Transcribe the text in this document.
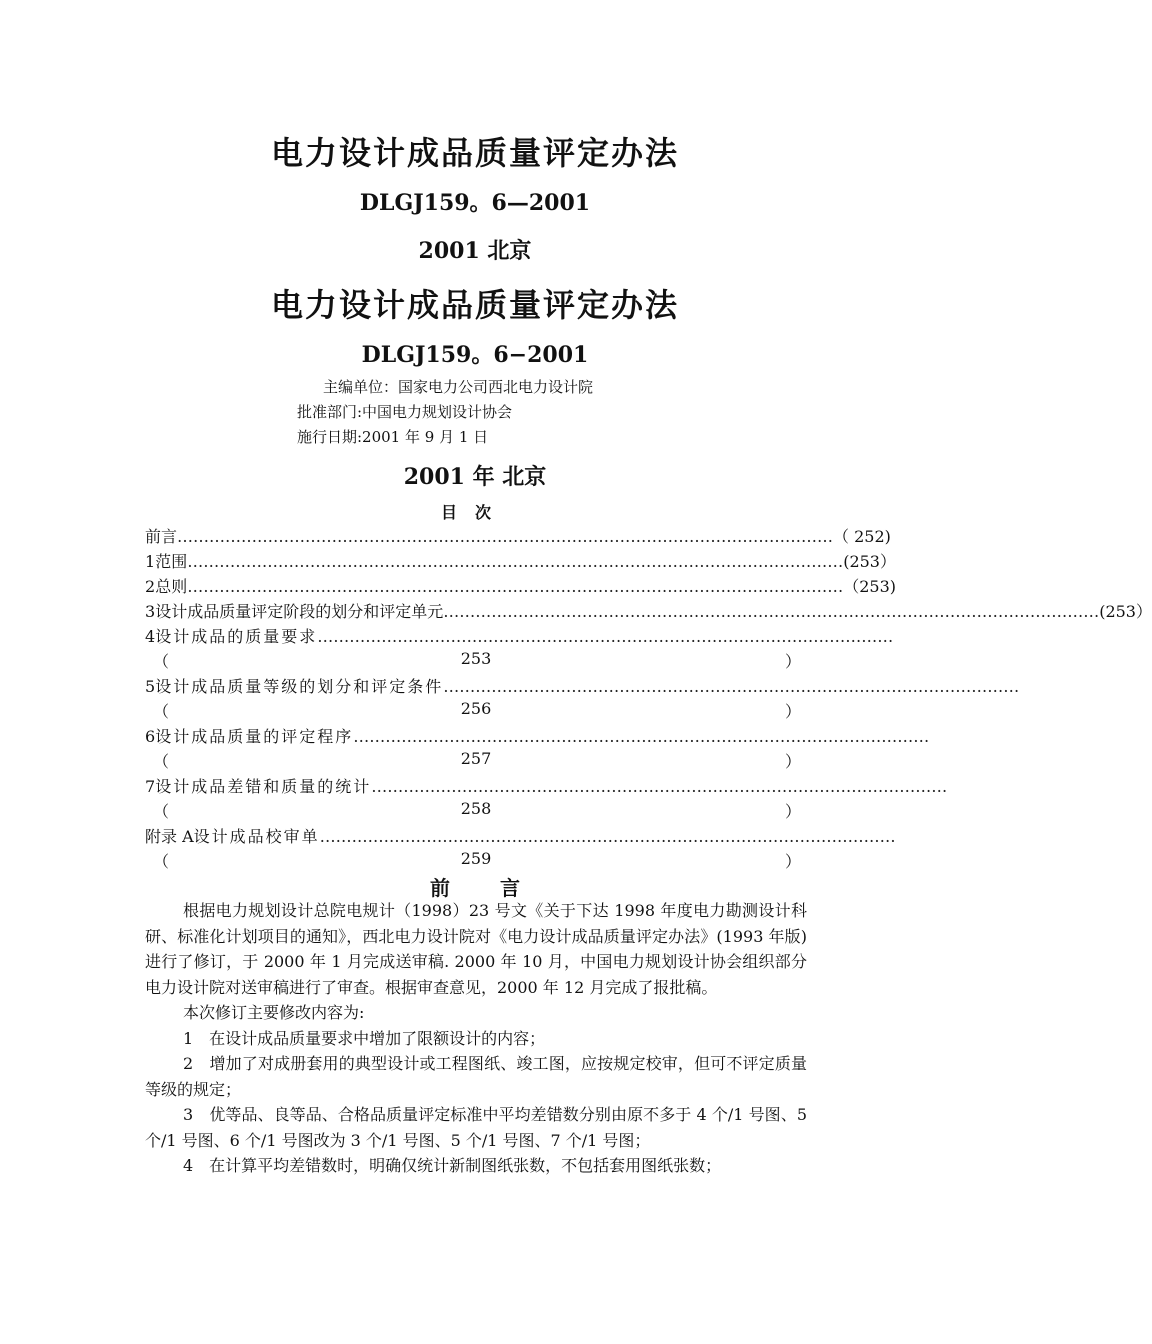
电力设计成品质量评定办法
DLGJ159。6—2001
2001 北京
电力设计成品质量评定办法
DLGJ159。6−2001
主编单位：国家电力公司西北电力设计院
批准部门:中国电力规划设计协会
施行日期:2001 年 9 月 1 日
2001 年 北京
目次
前言 …………………………………………………………………………………………………………… （ 252)
1 范围 …………………………………………………………………………………………………………… (253）
2 总则 …………………………………………………………………………………………………………… （253)
3 设计成品质量评定阶段的划分和评定单元 …………………………………………………………………………………………………………… (253）
4 设计成品的质量要求 ………………………………………………………………………………………………
（	253	）
5 设计成品质量等级的划分和评定条件 ………………………………………………………………………………………………
（	256	）
6 设计成品质量的评定程序 ………………………………………………………………………………………………
（	257	）
7 设计成品差错和质量的统计 ………………………………………………………………………………………………
（	258	）
附录 A 设计成品校审单 ………………………………………………………………………………………………
（	259	）
前言

根据电力规划设计总院电规计（1998）23 号文《关于下达 1998 年度电力勘测设计科研、标准化计划项目的通知》，西北电力设计院对《电力设计成品质量评定办法》(1993 年版)进行了修订，于 2000 年 1 月完成送审稿. 2000 年 10 月，中国电力规划设计协会组织部分电力设计院对送审稿进行了审查。根据审查意见，2000 年 12 月完成了报批稿。

本次修订主要修改内容为:

1　在设计成品质量要求中增加了限额设计的内容；

2　增加了对成册套用的典型设计或工程图纸、竣工图，应按规定校审，但可不评定质量等级的规定；

3　优等品、良等品、合格品质量评定标准中平均差错数分别由原不多于 4 个/1 号图、5 个/1 号图、6 个/1 号图改为 3 个/1 号图、5 个/1 号图、7 个/1 号图；

4　在计算平均差错数时，明确仅统计新制图纸张数，不包括套用图纸张数；
